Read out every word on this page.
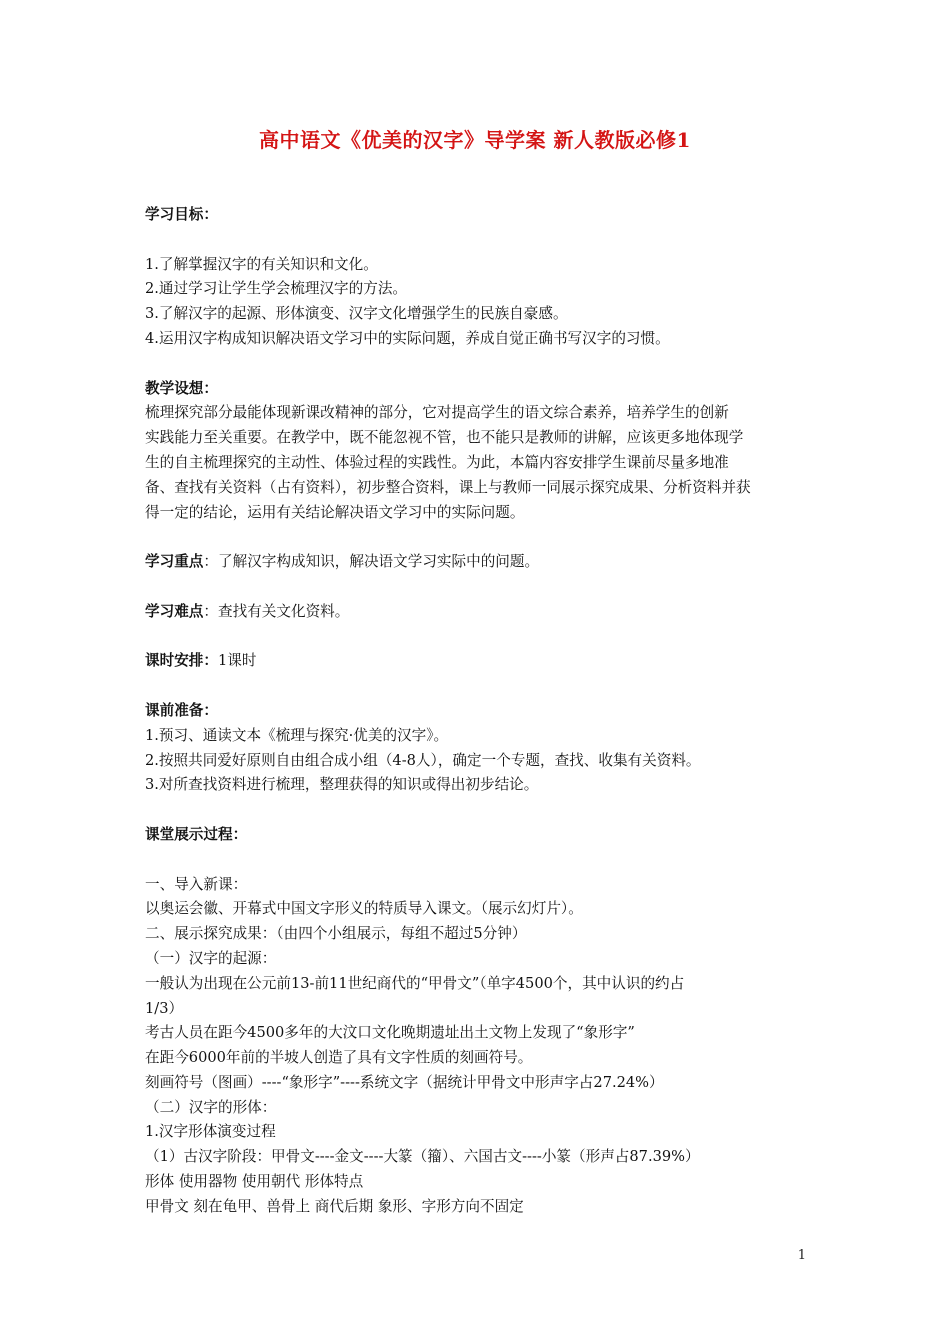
高中语文《优美的汉字》导学案 新人教版必修1

学习目标：

1.了解掌握汉字的有关知识和文化。

2.通过学习让学生学会梳理汉字的方法。

3.了解汉字的起源、形体演变、汉字文化增强学生的民族自豪感。

4.运用汉字构成知识解决语文学习中的实际问题，养成自觉正确书写汉字的习惯。

教学设想：

梳理探究部分最能体现新课改精神的部分，它对提高学生的语文综合素养，培养学生的创新

实践能力至关重要。在教学中，既不能忽视不管，也不能只是教师的讲解，应该更多地体现学

生的自主梳理探究的主动性、体验过程的实践性。为此，本篇内容安排学生课前尽量多地准

备、查找有关资料（占有资料），初步整合资料，课上与教师一同展示探究成果、分析资料并获

得一定的结论，运用有关结论解决语文学习中的实际问题。

学习重点：了解汉字构成知识，解决语文学习实际中的问题。

学习难点：查找有关文化资料。

课时安排：1课时

课前准备：

1.预习、通读文本《梳理与探究·优美的汉字》。

2.按照共同爱好原则自由组合成小组（4-8人），确定一个专题，查找、收集有关资料。

3.对所查找资料进行梳理，整理获得的知识或得出初步结论。

课堂展示过程：

一、导入新课：

以奥运会徽、开幕式中国文字形义的特质导入课文。（展示幻灯片）。

二、展示探究成果：（由四个小组展示，每组不超过5分钟）

（一）汉字的起源：

一般认为出现在公元前13-前11世纪商代的“甲骨文”（单字4500个，其中认识的约占

1/3）

考古人员在距今4500多年的大汶口文化晚期遗址出土文物上发现了“象形字”

在距今6000年前的半坡人创造了具有文字性质的刻画符号。

刻画符号（图画）----“象形字”----系统文字（据统计甲骨文中形声字占27.24%）

（二）汉字的形体：

1.汉字形体演变过程

（1）古汉字阶段：甲骨文----金文----大篆（籀）、六国古文----小篆（形声占87.39%）

形体 使用器物 使用朝代 形体特点

甲骨文 刻在龟甲、兽骨上 商代后期 象形、字形方向不固定

1
